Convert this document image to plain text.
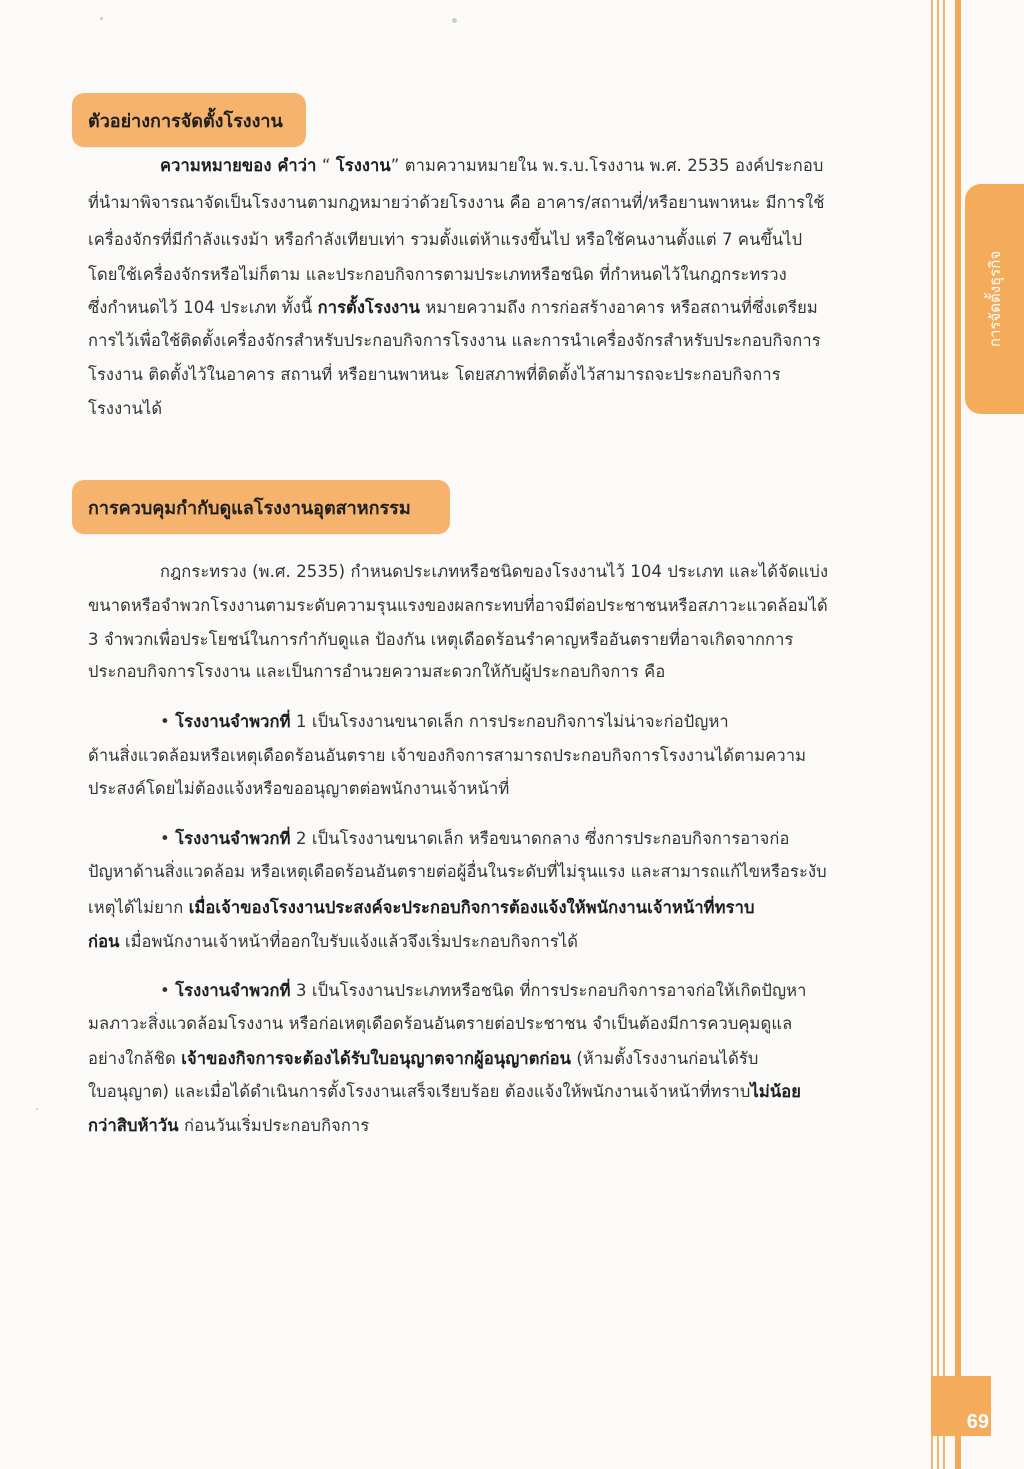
การจัดตั้งธุรกิจ
69
ตัวอย่างการจัดตั้งโรงงาน
ความหมายของ คำว่า “ โรงงาน” ตามความหมายใน พ.ร.บ.โรงงาน พ.ศ. 2535 องค์ประกอบ
ที่นำมาพิจารณาจัดเป็นโรงงานตามกฎหมายว่าด้วยโรงงาน คือ อาคาร/สถานที่/หรือยานพาหนะ มีการใช้
เครื่องจักรที่มีกำลังแรงม้า หรือกำลังเทียบเท่า รวมตั้งแต่ห้าแรงขึ้นไป หรือใช้คนงานตั้งแต่ 7 คนขึ้นไป
โดยใช้เครื่องจักรหรือไม่ก็ตาม และประกอบกิจการตามประเภทหรือชนิด ที่กำหนดไว้ในกฎกระทรวง
ซึ่งกำหนดไว้ 104 ประเภท ทั้งนี้ การตั้งโรงงาน หมายความถึง การก่อสร้างอาคาร หรือสถานที่ซึ่งเตรียม
การไว้เพื่อใช้ติดตั้งเครื่องจักรสำหรับประกอบกิจการโรงงาน และการนำเครื่องจักรสำหรับประกอบกิจการ
โรงงาน ติดตั้งไว้ในอาคาร สถานที่ หรือยานพาหนะ โดยสภาพที่ติดตั้งไว้สามารถจะประกอบกิจการ
โรงงานได้
การควบคุมกำกับดูแลโรงงานอุตสาหกรรม
กฎกระทรวง (พ.ศ. 2535) กำหนดประเภทหรือชนิดของโรงงานไว้ 104 ประเภท และได้จัดแบ่ง
ขนาดหรือจำพวกโรงงานตามระดับความรุนแรงของผลกระทบที่อาจมีต่อประชาชนหรือสภาวะแวดล้อมได้
3 จำพวกเพื่อประโยชน์ในการกำกับดูแล ป้องกัน เหตุเดือดร้อนรำคาญหรืออันตรายที่อาจเกิดจากการ
ประกอบกิจการโรงงาน และเป็นการอำนวยความสะดวกให้กับผู้ประกอบกิจการ คือ
• โรงงานจำพวกที่ 1 เป็นโรงงานขนาดเล็ก การประกอบกิจการไม่น่าจะก่อปัญหา
ด้านสิ่งแวดล้อมหรือเหตุเดือดร้อนอันตราย เจ้าของกิจการสามารถประกอบกิจการโรงงานได้ตามความ
ประสงค์โดยไม่ต้องแจ้งหรือขออนุญาตต่อพนักงานเจ้าหน้าที่
• โรงงานจำพวกที่ 2 เป็นโรงงานขนาดเล็ก หรือขนาดกลาง ซึ่งการประกอบกิจการอาจก่อ
ปัญหาด้านสิ่งแวดล้อม หรือเหตุเดือดร้อนอันตรายต่อผู้อื่นในระดับที่ไม่รุนแรง และสามารถแก้ไขหรือระงับ
เหตุได้ไม่ยาก เมื่อเจ้าของโรงงานประสงค์จะประกอบกิจการต้องแจ้งให้พนักงานเจ้าหน้าที่ทราบ
ก่อน เมื่อพนักงานเจ้าหน้าที่ออกใบรับแจ้งแล้วจึงเริ่มประกอบกิจการได้
• โรงงานจำพวกที่ 3 เป็นโรงงานประเภทหรือชนิด ที่การประกอบกิจการอาจก่อให้เกิดปัญหา
มลภาวะสิ่งแวดล้อมโรงงาน หรือก่อเหตุเดือดร้อนอันตรายต่อประชาชน จำเป็นต้องมีการควบคุมดูแล
อย่างใกล้ชิด เจ้าของกิจการจะต้องได้รับใบอนุญาตจากผู้อนุญาตก่อน (ห้ามตั้งโรงงานก่อนได้รับ
ใบอนุญาต) และเมื่อได้ดำเนินการตั้งโรงงานเสร็จเรียบร้อย ต้องแจ้งให้พนักงานเจ้าหน้าที่ทราบไม่น้อย
กว่าสิบห้าวัน ก่อนวันเริ่มประกอบกิจการ
